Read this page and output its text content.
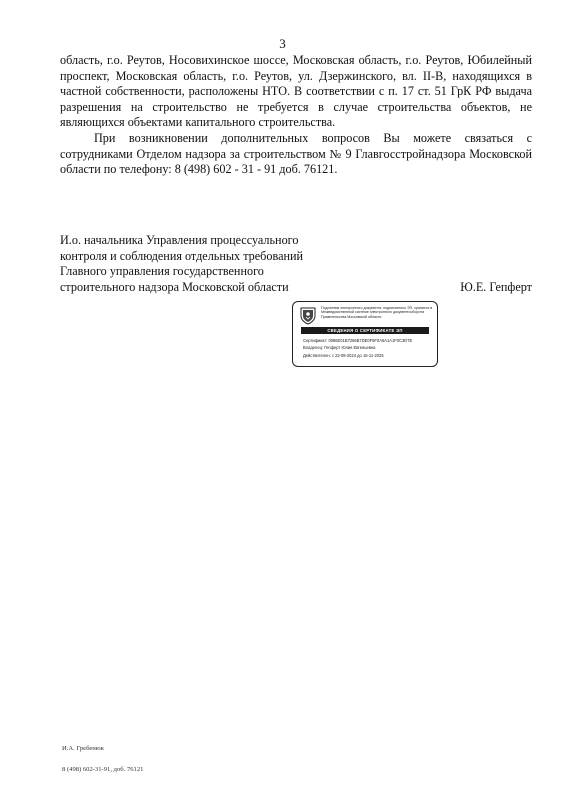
3

область, г.о. Реутов, Носовихинское шоссе, Московская область, г.о. Реутов, Юбилейный проспект, Московская область, г.о. Реутов, ул. Дзержинского, вл. II-В, находящихся в частной собственности, расположены НТО. В соответствии с п. 17 ст. 51 ГрК РФ выдача разрешения на строительство не требуется в случае строительства объектов, не являющихся объектами капитального строительства.

При возникновении дополнительных вопросов Вы можете связаться с сотрудниками Отделом надзора за строительством № 9 Главгосстройнадзора Московской области по телефону: 8 (498) 602 - 31 - 91 доб. 76121.

И.о. начальника Управления процессуального
контроля и соблюдения отдельных требований
Главного управления государственного
строительного надзора Московской области	Ю.Е. Гепферт
Подлинник электронного документа, подписанного ЭП, хранится в Межведомственной системе электронного документооборота Правительства Московской области
СВЕДЕНИЯ О СЕРТИФИКАТЕ ЭП
Сертификат: 0086E01B7266B7DE0F6F0A5A1A1F0C3D7E
Владелец: Гепферт Юлия Евгеньевна
Действителен: с 22-08-2024 до 15-11-2025
И.А. Гребенюк
8 (498) 602-31-91, доб. 76121
